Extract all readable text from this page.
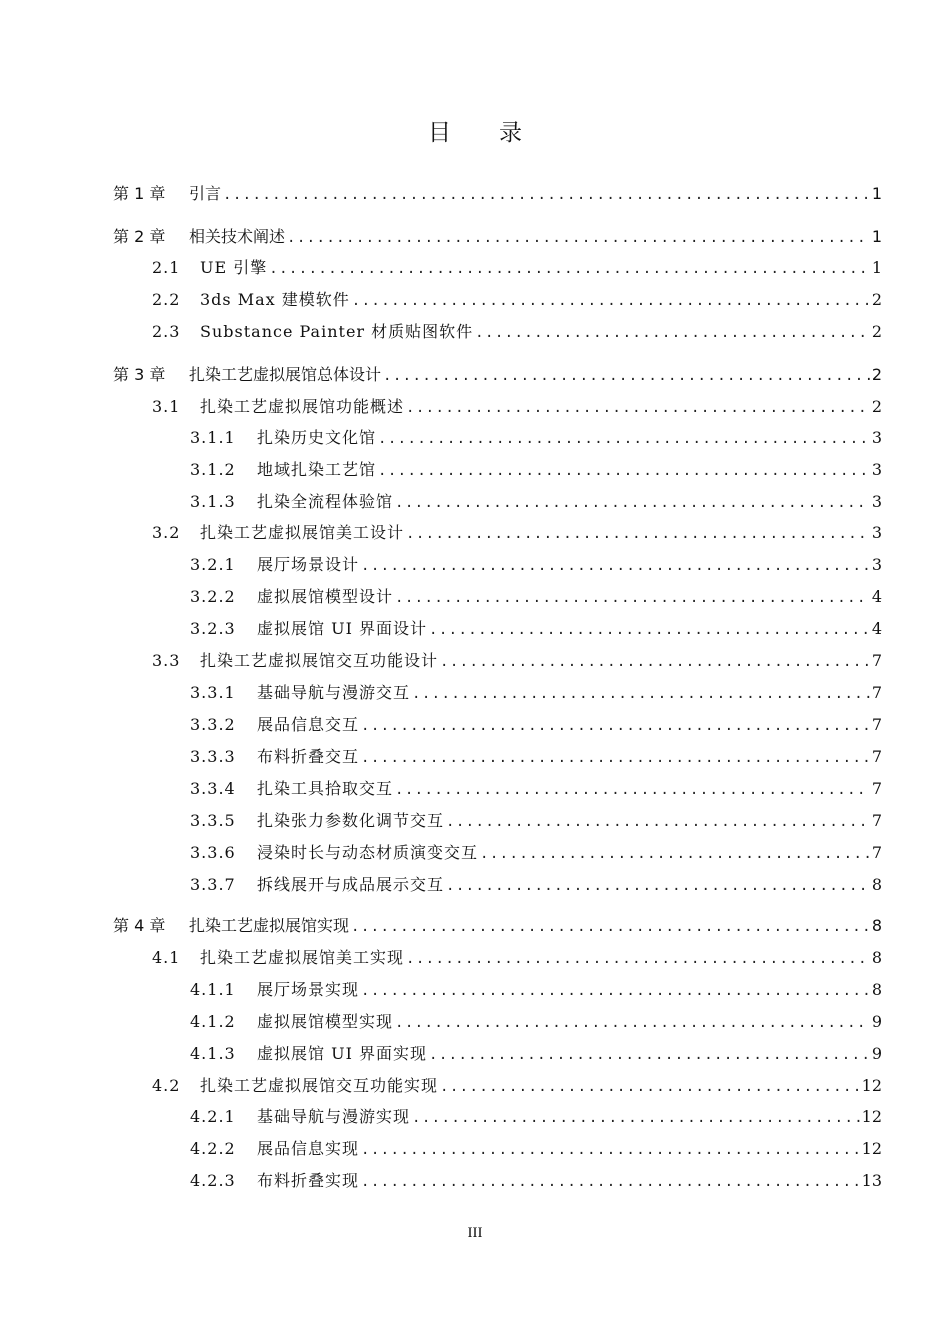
目 录
第 1 章	引言 .....	1
第 2 章	相关技术阐述 .....	1
2.1	UE 引擎 .....	1
2.2	3ds Max 建模软件 .....	2
2.3	Substance Painter 材质贴图软件 .....	2
第 3 章	扎染工艺虚拟展馆总体设计 .....	2
3.1	扎染工艺虚拟展馆功能概述 .....	2
3.1.1	扎染历史文化馆 .....	3
3.1.2	地域扎染工艺馆 .....	3
3.1.3	扎染全流程体验馆 .....	3
3.2	扎染工艺虚拟展馆美工设计 .....	3
3.2.1	展厅场景设计 .....	3
3.2.2	虚拟展馆模型设计 .....	4
3.2.3	虚拟展馆 UI 界面设计 .....	4
3.3	扎染工艺虚拟展馆交互功能设计 .....	7
3.3.1	基础导航与漫游交互 .....	7
3.3.2	展品信息交互 .....	7
3.3.3	布料折叠交互 .....	7
3.3.4	扎染工具拾取交互 .....	7
3.3.5	扎染张力参数化调节交互 .....	7
3.3.6	浸染时长与动态材质演变交互 .....	7
3.3.7	拆线展开与成品展示交互 .....	8
第 4 章	扎染工艺虚拟展馆实现 .....	8
4.1	扎染工艺虚拟展馆美工实现 .....	8
4.1.1	展厅场景实现 .....	8
4.1.2	虚拟展馆模型实现 .....	9
4.1.3	虚拟展馆 UI 界面实现 .....	9
4.2	扎染工艺虚拟展馆交互功能实现 .....	12
4.2.1	基础导航与漫游实现 .....	12
4.2.2	展品信息实现 .....	12
4.2.3	布料折叠实现 .....	13
III
